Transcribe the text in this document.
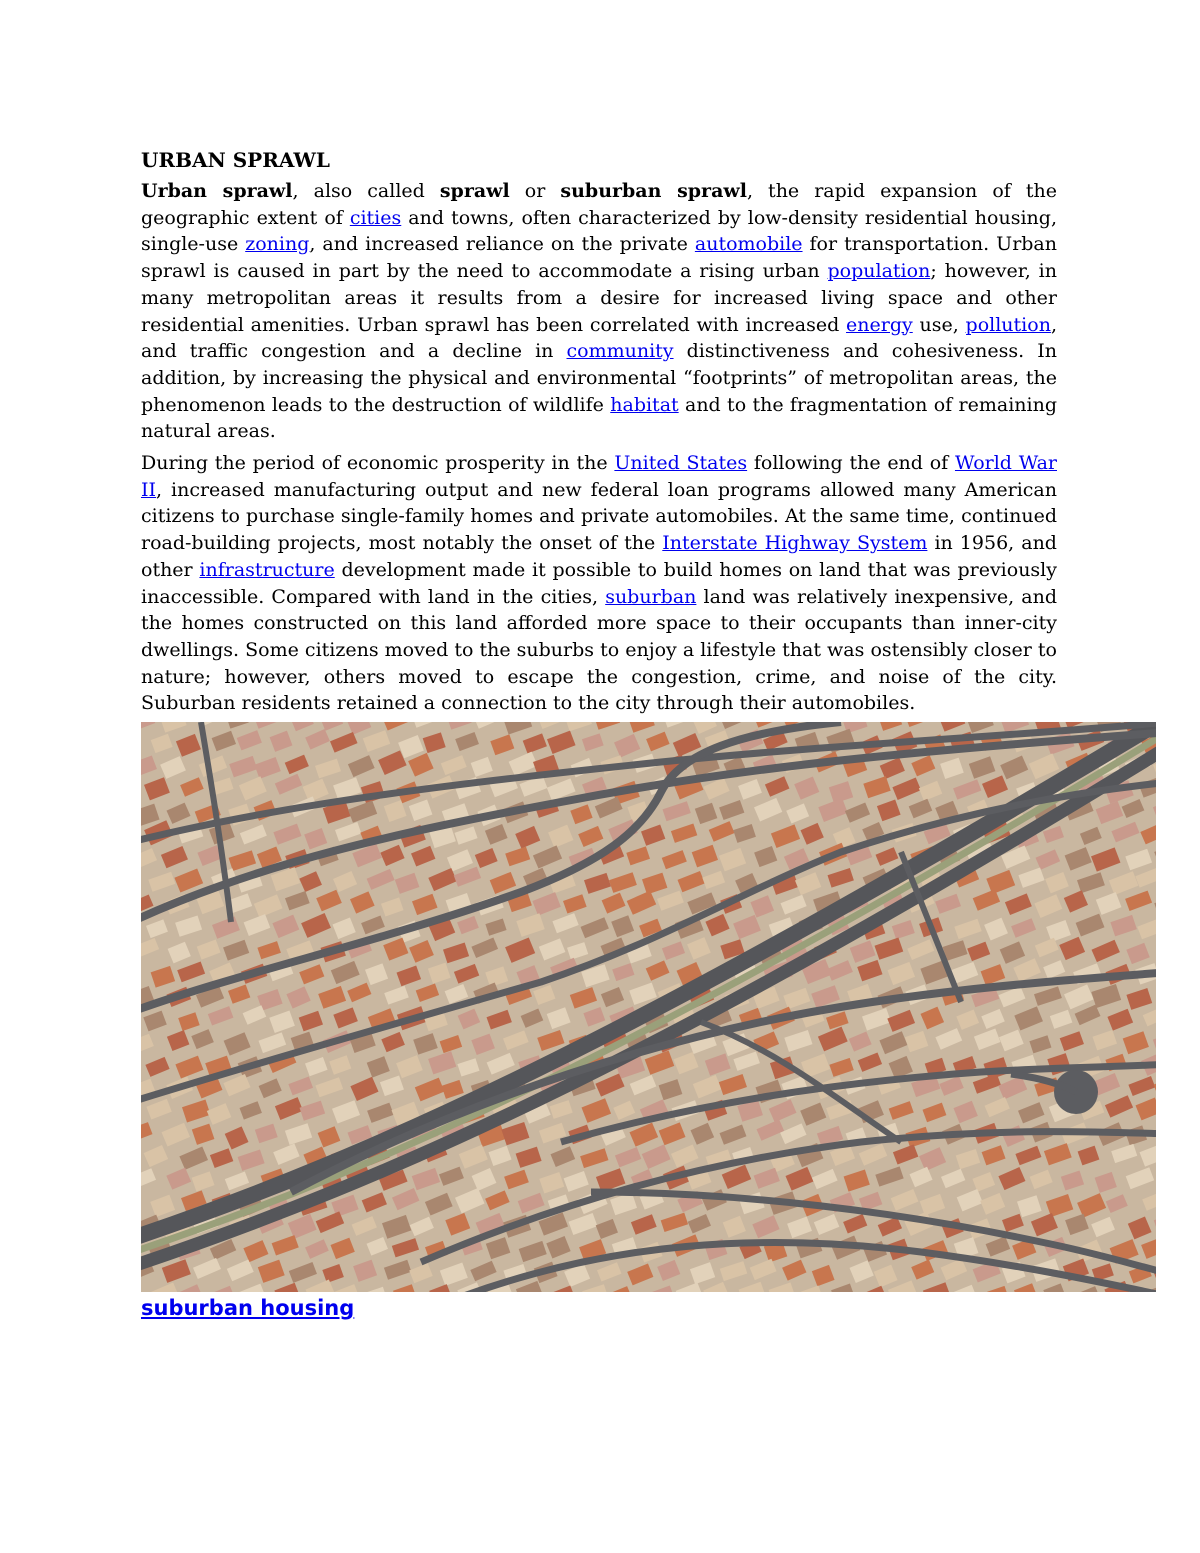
URBAN SPRAWL

Urban sprawl, also called sprawl or suburban sprawl, the rapid expansion of the geographic extent of cities and towns, often characterized by low-density residential housing, single-use zoning, and increased reliance on the private automobile for transportation. Urban sprawl is caused in part by the need to accommodate a rising urban population; however, in many metropolitan areas it results from a desire for increased living space and other residential amenities. Urban sprawl has been correlated with increased energy use, pollution, and traffic congestion and a decline in community distinctiveness and cohesiveness. In addition, by increasing the physical and environmental “footprints” of metropolitan areas, the phenomenon leads to the destruction of wildlife habitat and to the fragmentation of remaining natural areas.

During the period of economic prosperity in the United States following the end of World War II, increased manufacturing output and new federal loan programs allowed many American citizens to purchase single-family homes and private automobiles. At the same time, continued road-building projects, most notably the onset of the Interstate Highway System in 1956, and other infrastructure development made it possible to build homes on land that was previously inaccessible. Compared with land in the cities, suburban land was relatively inexpensive, and the homes constructed on this land afforded more space to their occupants than inner-city dwellings. Some citizens moved to the suburbs to enjoy a lifestyle that was ostensibly closer to nature; however, others moved to escape the congestion, crime, and noise of the city. Suburban residents retained a connection to the city through their automobiles.

suburban housing
